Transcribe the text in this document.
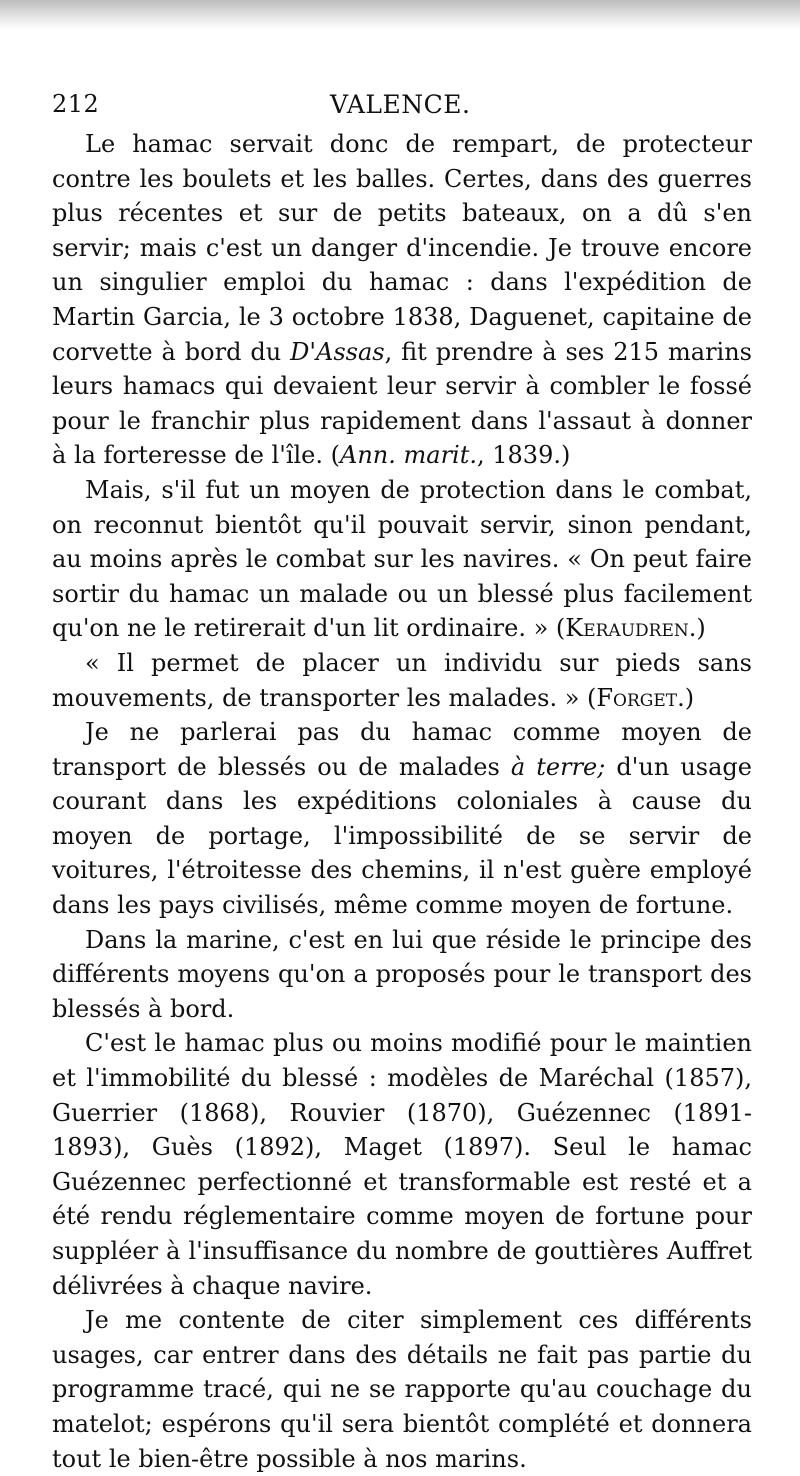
212	VALENCE.

Le hamac servait donc de rempart, de protecteur contre les boulets et les balles. Certes, dans des guerres plus récentes et sur de petits bateaux, on a dû s'en servir; mais c'est un danger d'incendie. Je trouve encore un singulier emploi du hamac : dans l'expédition de Martin Garcia, le 3 octobre 1838, Daguenet, capitaine de corvette à bord du D'Assas, fit prendre à ses 215 marins leurs hamacs qui devaient leur servir à combler le fossé pour le franchir plus rapidement dans l'assaut à donner à la forteresse de l'île. (Ann. marit., 1839.)

Mais, s'il fut un moyen de protection dans le combat, on reconnut bientôt qu'il pouvait servir, sinon pendant, au moins après le combat sur les navires. « On peut faire sortir du hamac un malade ou un blessé plus facilement qu'on ne le retirerait d'un lit ordinaire. » (Keraudren.)

« Il permet de placer un individu sur pieds sans mouvements, de transporter les malades. » (Forget.)

Je ne parlerai pas du hamac comme moyen de transport de blessés ou de malades à terre; d'un usage courant dans les expéditions coloniales à cause du moyen de portage, l'impossibilité de se servir de voitures, l'étroitesse des chemins, il n'est guère employé dans les pays civilisés, même comme moyen de fortune.

Dans la marine, c'est en lui que réside le principe des différents moyens qu'on a proposés pour le transport des blessés à bord.

C'est le hamac plus ou moins modifié pour le maintien et l'immobilité du blessé : modèles de Maréchal (1857), Guerrier (1868), Rouvier (1870), Guézennec (1891-1893), Guès (1892), Maget (1897). Seul le hamac Guézennec perfectionné et transformable est resté et a été rendu réglementaire comme moyen de fortune pour suppléer à l'insuffisance du nombre de gouttières Auffret délivrées à chaque navire.

Je me contente de citer simplement ces différents usages, car entrer dans des détails ne fait pas partie du programme tracé, qui ne se rapporte qu'au couchage du matelot; espérons qu'il sera bientôt complété et donnera tout le bien-être possible à nos marins.
